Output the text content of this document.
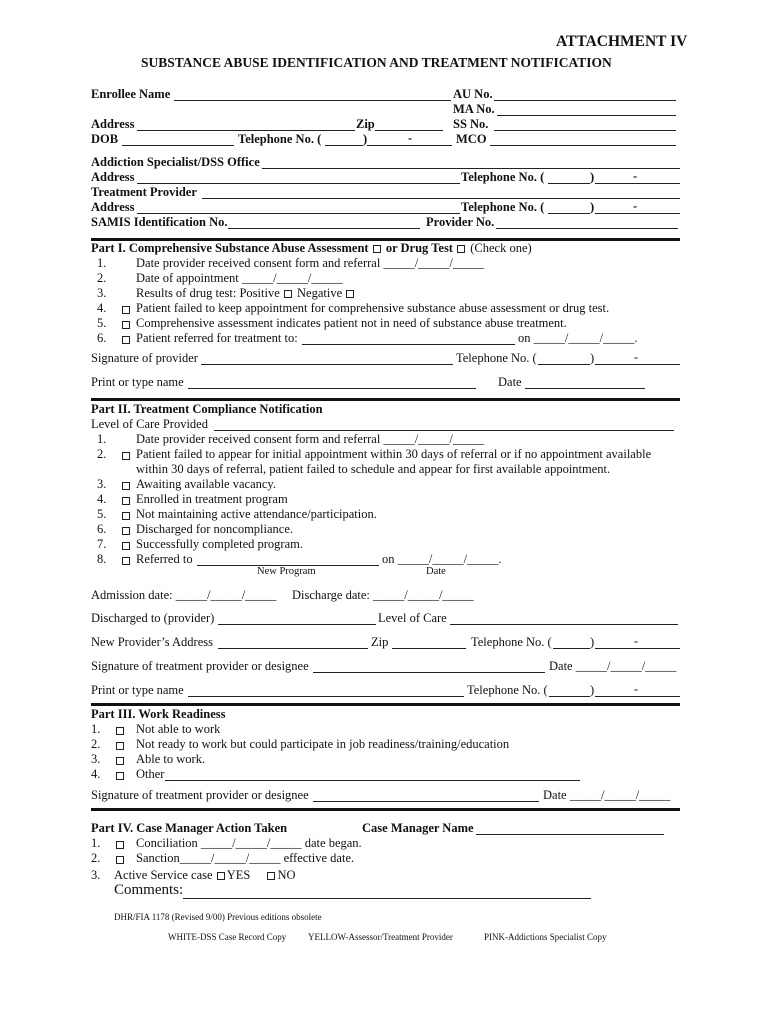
ATTACHMENT IV
SUBSTANCE ABUSE IDENTIFICATION AND TREATMENT NOTIFICATION
Enrollee Name	AU No.
MA No.
Address	Zip	SS No.
DOB	Telephone No. (	)	-	MCO
Addiction Specialist/DSS Office
Address	Telephone No. (	)	-
Treatment Provider
Address	Telephone No. (	)	-
SAMIS Identification No.	Provider No.
Part I. Comprehensive Substance Abuse Assessment or Drug Test (Check one)
1. Date provider received consent form and referral _____/_____/_____
2. Date of appointment _____/_____/_____
3. Results of drug test: Positive Negative
4. Patient failed to keep appointment for comprehensive substance abuse assessment or drug test.
5. Comprehensive assessment indicates patient not in need of substance abuse treatment.
6. Patient referred for treatment to:	on _____/_____/_____.
Signature of provider	Telephone No. (	)	-
Print or type name	Date
Part II. Treatment Compliance Notification
Level of Care Provided
1. Date provider received consent form and referral _____/_____/_____
2. Patient failed to appear for initial appointment within 30 days of referral or if no appointment available
within 30 days of referral, patient failed to schedule and appear for first available appointment.
3. Awaiting available vacancy.
4. Enrolled in treatment program
5. Not maintaining active attendance/participation.
6. Discharged for noncompliance.
7. Successfully completed program.
8. Referred to	on _____/_____/_____.
New Program	Date
Admission date: _____/_____/_____ Discharge date: _____/_____/_____
Discharged to (provider)	Level of Care
New Provider’s Address	Zip	Telephone No. (	)	-
Signature of treatment provider or designee	Date _____/_____/_____
Print or type name	Telephone No. (	)	-
Part III. Work Readiness
1.	Not able to work
2.	Not ready to work but could participate in job readiness/training/education
3.	Able to work.
4.	Other
Signature of treatment provider or designee	Date _____/_____/_____
Part IV. Case Manager Action Taken	Case Manager Name
1.	Conciliation _____/_____/_____ date began.
2.	Sanction_____/_____/_____ effective date.
3. Active Service case YES NO
Comments:
DHR/FIA 1178 (Revised 9/00) Previous editions obsolete
WHITE-DSS Case Record Copy YELLOW-Assessor/Treatment Provider	PINK-Addictions Specialist Copy
